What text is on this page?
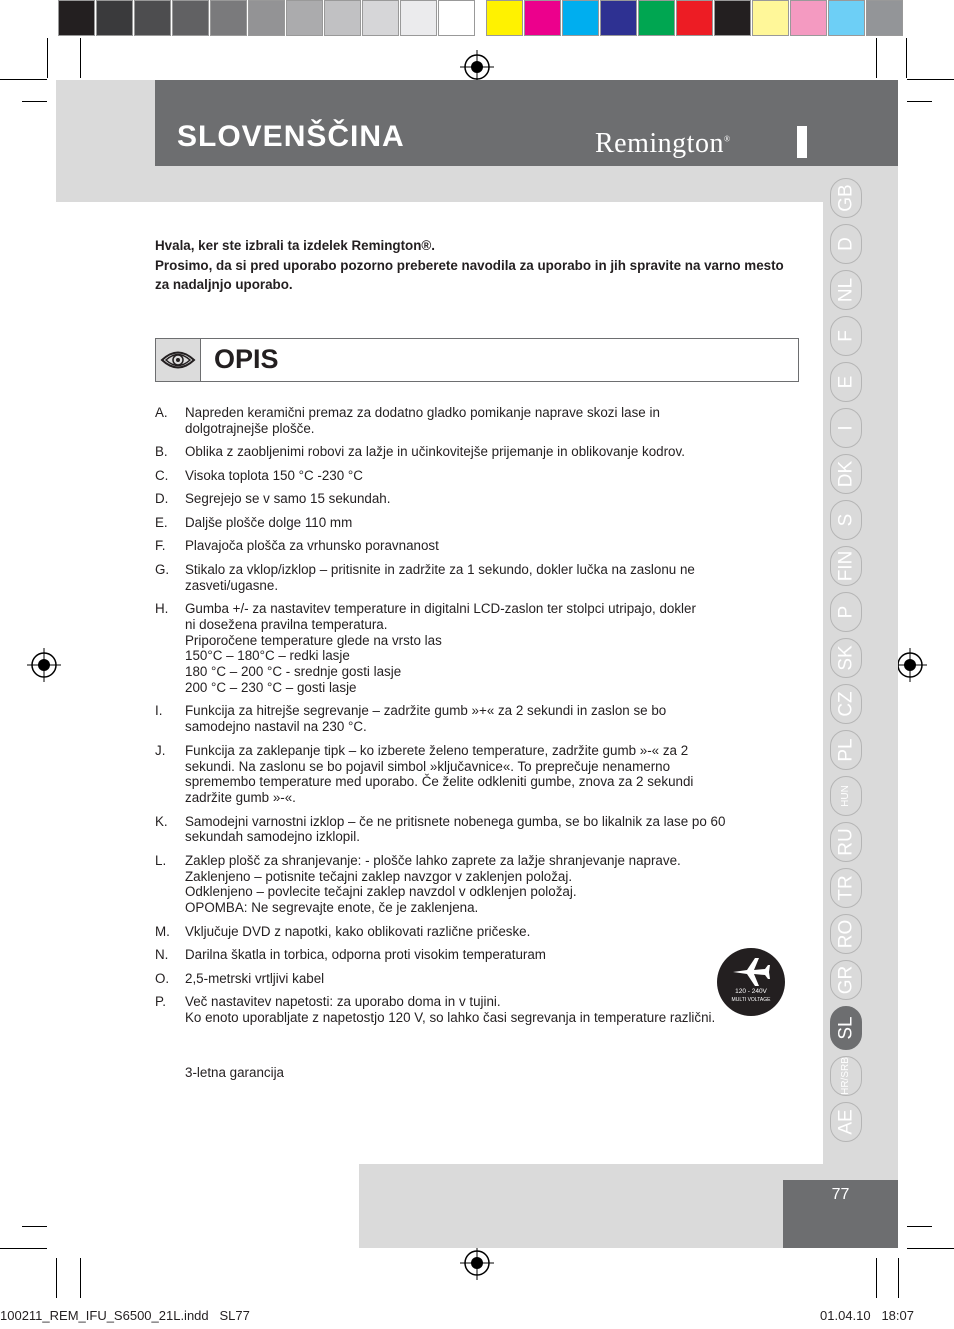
SLOVENŠČINA	Remington®

Hvala, ker ste izbrali ta izdelek Remington®.

Prosimo, da si pred uporabo pozorno preberete navodila za uporabo in jih spravite na varno mesto za nadaljnjo uporabo.

OPIS
A.	Napreden keramični premaz za dodatno gladko pomikanje naprave skozi lase in
dolgotrajnejše plošče.
B.	Oblika z zaobljenimi robovi za lažje in učinkovitejše prijemanje in oblikovanje kodrov.
C.	Visoka toplota 150 °C -230 °C
D.	Segrejejo se v samo 15 sekundah.
E.	Daljše plošče dolge 110 mm
F.	Plavajoča plošča za vrhunsko poravnanost
G.	Stikalo za vklop/izklop – pritisnite in zadržite za 1 sekundo, dokler lučka na zaslonu ne
zasveti/ugasne.
H.	Gumba +/- za nastavitev temperature in digitalni LCD-zaslon ter stolpci utripajo, dokler
ni dosežena pravilna temperatura.
Priporočene temperature glede na vrsto las
150°C – 180°C – redki lasje
180 °C – 200 °C - srednje gosti lasje
200 °C – 230 °C – gosti lasje
I.	Funkcija za hitrejše segrevanje – zadržite gumb »+« za 2 sekundi in zaslon se bo
samodejno nastavil na 230 °C.
J.	Funkcija za zaklepanje tipk – ko izberete želeno temperature, zadržite gumb »-« za 2
sekundi. Na zaslonu se bo pojavil simbol »ključavnice«. To preprečuje nenamerno
spremembo temperature med uporabo. Če želite odkleniti gumbe, znova za 2 sekundi
zadržite gumb »-«.
K.	Samodejni varnostni izklop – če ne pritisnete nobenega gumba, se bo likalnik za lase po 60
sekundah samodejno izklopil.
L.	Zaklep plošč za shranjevanje: - plošče lahko zaprete za lažje shranjevanje naprave.
Zaklenjeno – potisnite tečajni zaklep navzgor v zaklenjen položaj.
Odklenjeno – povlecite tečajni zaklep navzdol v odklenjen položaj.
OPOMBA: Ne segrevajte enote, če je zaklenjena.
M.	Vključuje DVD z napotki, kako oblikovati različne pričeske.
N.	Darilna škatla in torbica, odporna proti visokim temperaturam
O.	2,5-metrski vrtljivi kabel
P.	Več nastavitev napetosti: za uporabo doma in v tujini.
Ko enoto uporabljate z napetostjo 120 V, so lahko časi segrevanja in temperature različni.
3-letna garancija
120 - 240V
MULTI VOLTAGE
GB
D
NL
F
E
I
DK
S
FIN
P
SK
CZ
PL
HUN
RU
TR
RO
GR
SL
HR/SRB
AE
77
100211_REM_IFU_S6500_21L.indd   SL77	01.04.10   18:07
